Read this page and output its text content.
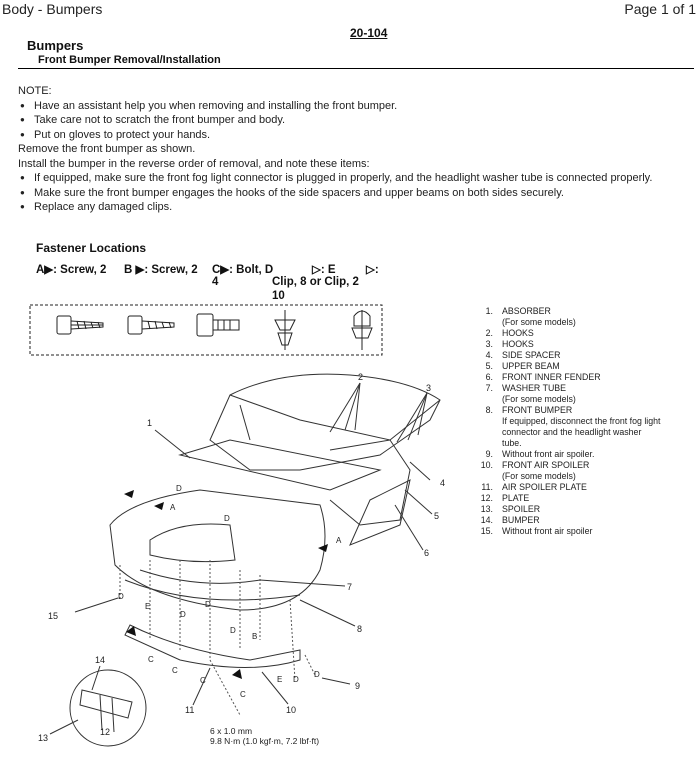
Body - Bumpers	Page 1 of 1
20-104
Bumpers
Front Bumper Removal/Installation
NOTE:
● Have an assistant help you when removing and installing the front bumper.
● Take care not to scratch the front bumper and body.
● Put on gloves to protect your hands.
Remove the front bumper as shown.
Install the bumper in the reverse order of removal, and note these items:
● If equipped, make sure the front fog light connector is plugged in properly, and the headlight washer tube is connected properly.
● Make sure the front bumper engages the hooks of the side spacers and upper beams on both sides securely.
● Replace any damaged clips.
Fastener Locations
A▶: Screw, 2 B ▶: Screw, 2 C▶: Bolt, D
4
▷: E
Clip, 8 or Clip, 2
10
▷:
1
2
3
4
5
6
7
8
9
10
11
12
13
14
15
D
A
D
A
D
E
D
D
D
B
C
C
C
C
E D
D
1.	ABSORBER
(For some models)
2.	HOOKS
3.	HOOKS
4.	SIDE SPACER
5.	UPPER BEAM
6.	FRONT INNER FENDER
7.	WASHER TUBE
(For some models)
8.	FRONT BUMPER
If equipped, disconnect the front fog light connector and the headlight washer tube.
9.	Without front air spoiler.
10.	FRONT AIR SPOILER
(For some models)
11.	AIR SPOILER PLATE
12.	PLATE
13.	SPOILER
14.	BUMPER
15.	Without front air spoiler
6 x 1.0 mm
9.8 N·m (1.0 kgf·m, 7.2 lbf·ft)
